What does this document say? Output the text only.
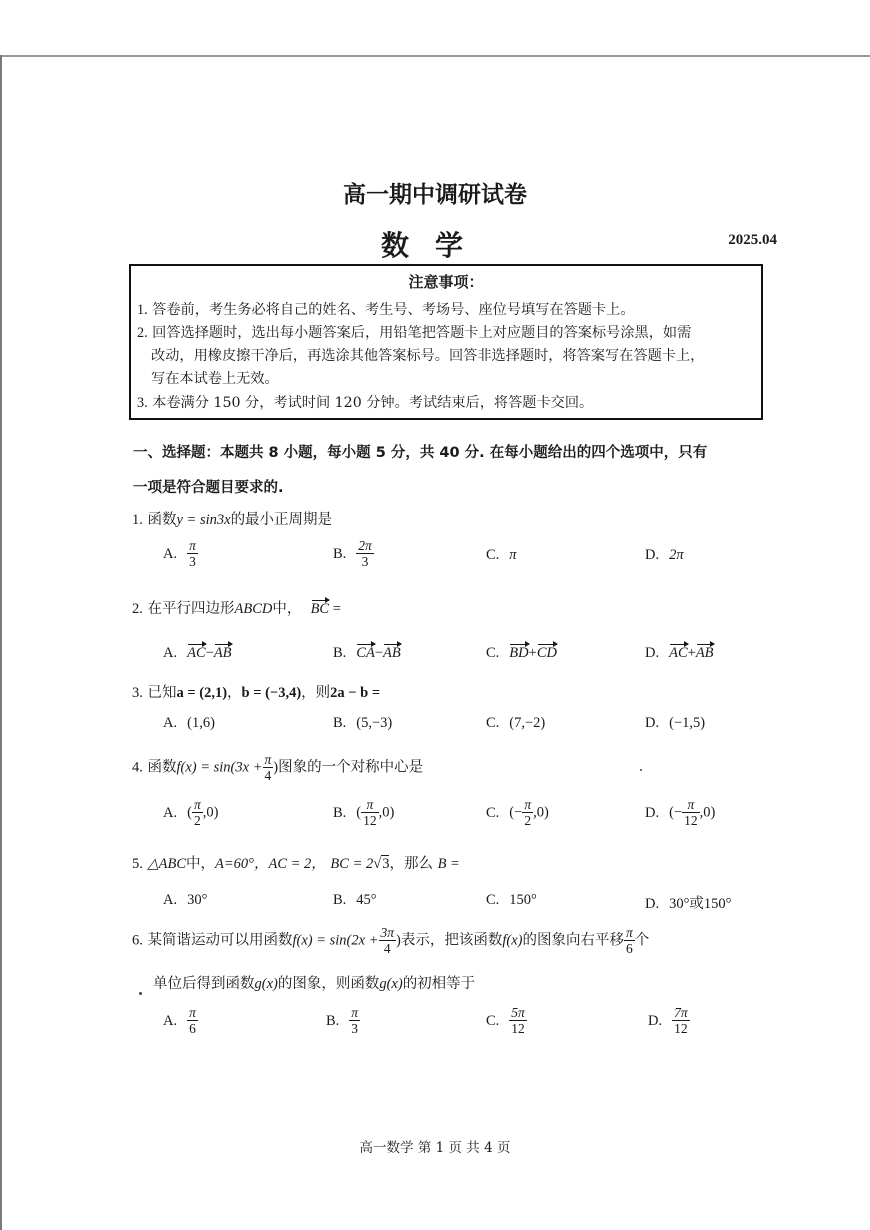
高一期中调研试卷
数学	2025.04
注意事项：
1. 答卷前，考生务必将自己的姓名、考生号、考场号、座位号填写在答题卡上。
2. 回答选择题时，选出每小题答案后，用铅笔把答题卡上对应题目的答案标号涂黑，如需
改动，用橡皮擦干净后，再选涂其他答案标号。回答非选择题时，将答案写在答题卡上，
写在本试卷上无效。
3. 本卷满分 150 分，考试时间 120 分钟。考试结束后，将答题卡交回。
一、选择题：本题共 8 小题，每小题 5 分，共 40 分. 在每小题给出的四个选项中，只有
一项是符合题目要求的.
1. 函数y = sin3x的最小正周期是
A. $\frac{\pi}{3}$	B. $\frac{2\pi}{3}$	C. π	D. 2π
2. 在平行四边形ABCD中， BC =
A. AC−AB	B. CA−AB	C. BD+CD	D. AC+AB
3. 已知a = (2,1)，b = (−3,4)，则2a − b =
A. (1,6)	B. (5,−3)	C. (7,−2)	D. (−1,5)
4. 函数$f(x) = \sin(3x + \frac{\pi}{4}$ )图象的一个对称中心是
A. ( $\frac{\pi}{2} ,0$)	B. ( $\frac{\pi}{12} ,0$)	C. (− $\frac{\pi}{2} ,0$)	D. (− $\frac{\pi}{12} ,0$)
5. △ABC中，A=60°，AC = 2， BC = 2√3，那么 B =
A. 30°	B. 45°	C. 150°	D. 30°或150°
6. 某简谐运动可以用函数$f(x) = \sin(2x + \frac{3\pi}{4}$ )表示，把该函数f(x)的图象向右平移 $\frac{\pi}{6}$ 个
单位后得到函数g(x)的图象，则函数g(x)的初相等于
A. $\frac{\pi}{6}$	B. $\frac{\pi}{3}$	C. $\frac{5\pi}{12}$	D. $\frac{7\pi}{12}$
高一数学 第 1 页 共 4 页
